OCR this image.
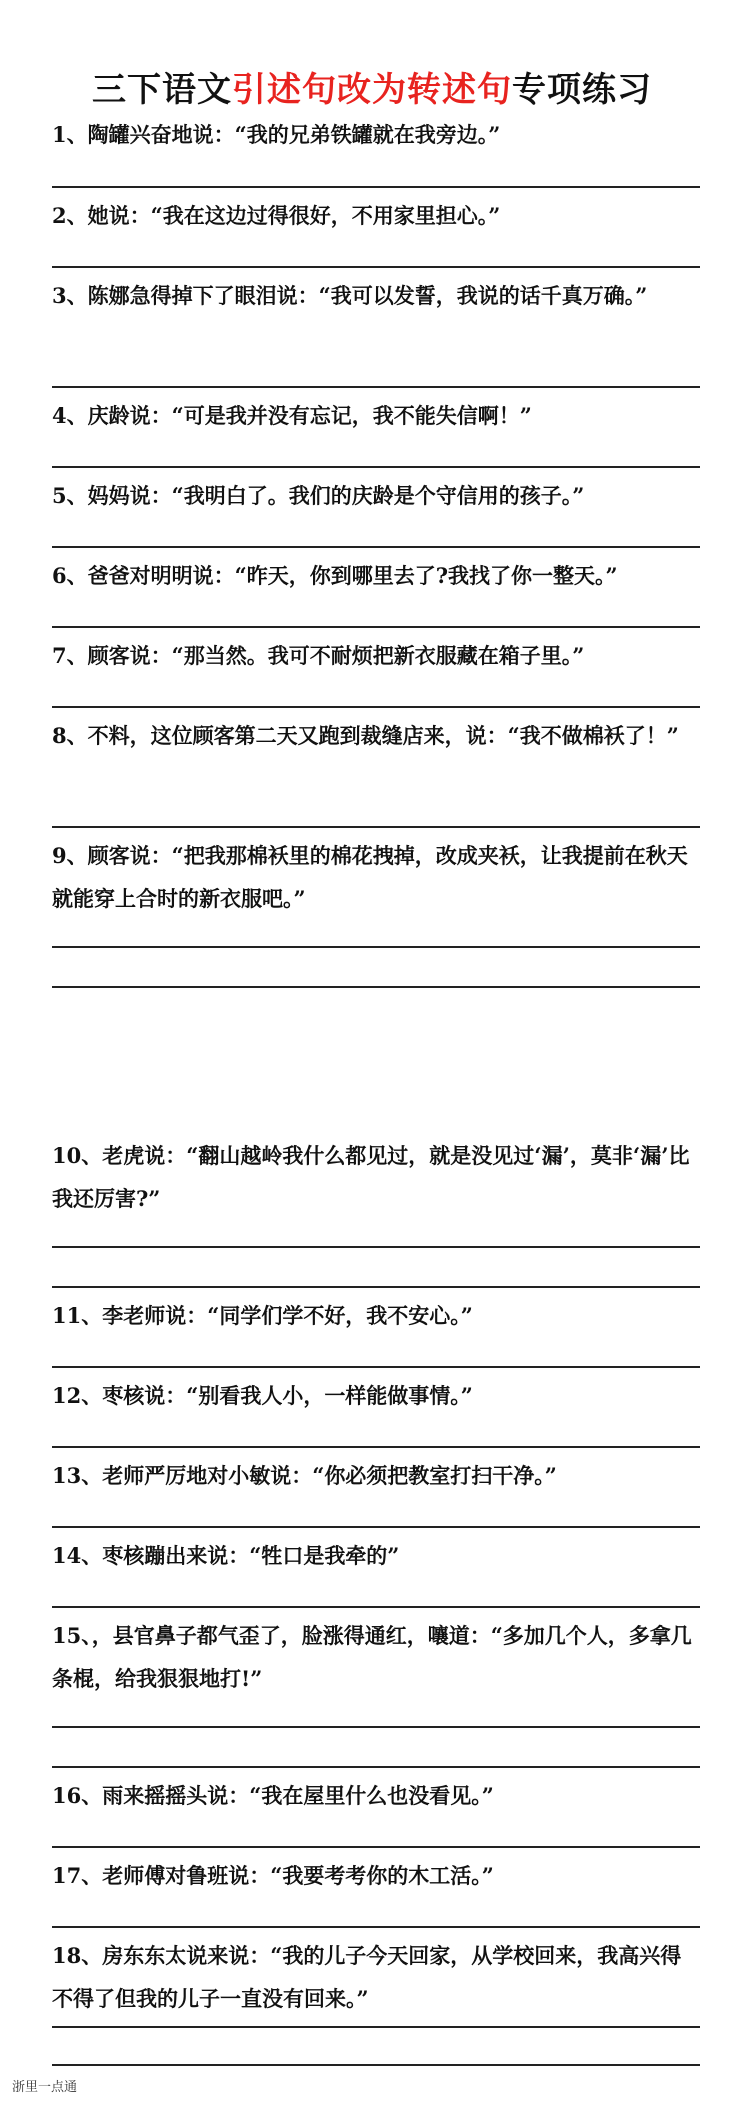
三下语文引述句改为转述句专项练习
1、陶罐兴奋地说：“我的兄弟铁罐就在我旁边。”
2、她说：“我在这边过得很好，不用家里担心。”
3、陈娜急得掉下了眼泪说：“我可以发誓，我说的话千真万确。”
4、庆龄说：“可是我并没有忘记，我不能失信啊！”
5、妈妈说：“我明白了。我们的庆龄是个守信用的孩子。”
6、爸爸对明明说：“昨天，你到哪里去了?我找了你一整天。”
7、顾客说：“那当然。我可不耐烦把新衣服藏在箱子里。”
8、不料，这位顾客第二天又跑到裁缝店来，说：“我不做棉袄了！”
9、顾客说：“把我那棉袄里的棉花拽掉，改成夹袄，让我提前在秋天就能穿上合时的新衣服吧。”
10、老虎说：“翻山越岭我什么都见过，就是没见过‘漏’，莫非‘漏’比我还厉害?”
11、李老师说：“同学们学不好，我不安心。”
12、枣核说：“别看我人小，一样能做事情。”
13、老师严厉地对小敏说：“你必须把教室打扫干净。”
14、枣核蹦出来说：“牲口是我牵的”
15、，县官鼻子都气歪了，脸涨得通红，嚷道：“多加几个人，多拿几条棍，给我狠狠地打!”
16、雨来摇摇头说：“我在屋里什么也没看见。”
17、老师傅对鲁班说：“我要考考你的木工活。”
18、房东东太说来说：“我的儿子今天回家，从学校回来，我高兴得不得了但我的儿子一直没有回来。”
浙里一点通
